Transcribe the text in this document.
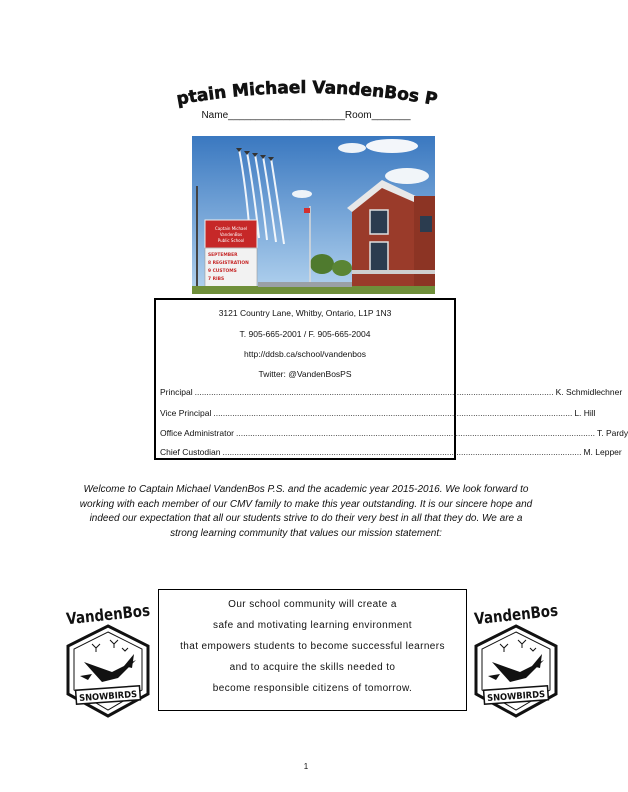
ptain Michael VandenBos P
Name_____________________Room_______
Captain Michael
VandenBos
Public School
SEPTEMBER
8 REGISTRATION
9 CUSTOMS
7 RIBS
3121 Country Lane, Whitby, Ontario, L1P 1N3
T. 905-665-2001 / F. 905-665-2004
http://ddsb.ca/school/vandenbos
Twitter: @VandenBosPS
Principal .....	K. Schmidlechner
Vice Principal .....	L. Hill
Office Administrator .....	T. Pardy
Chief Custodian .....	M. Lepper
Welcome to Captain Michael VandenBos P.S. and the academic year 2015-2016. We look forward to
working with each member of our CMV family to make this year outstanding. It is our sincere hope and
indeed our expectation that all our students strive to do their very best in all that they do. We are a
strong learning community that values our mission statement:
VandenBos
SNOWBIRDS
Our school community will create a
safe and motivating learning environment
that empowers students to become successful learners
and to acquire the skills needed to
become responsible citizens of tomorrow.
VandenBos
SNOWBIRDS
1
